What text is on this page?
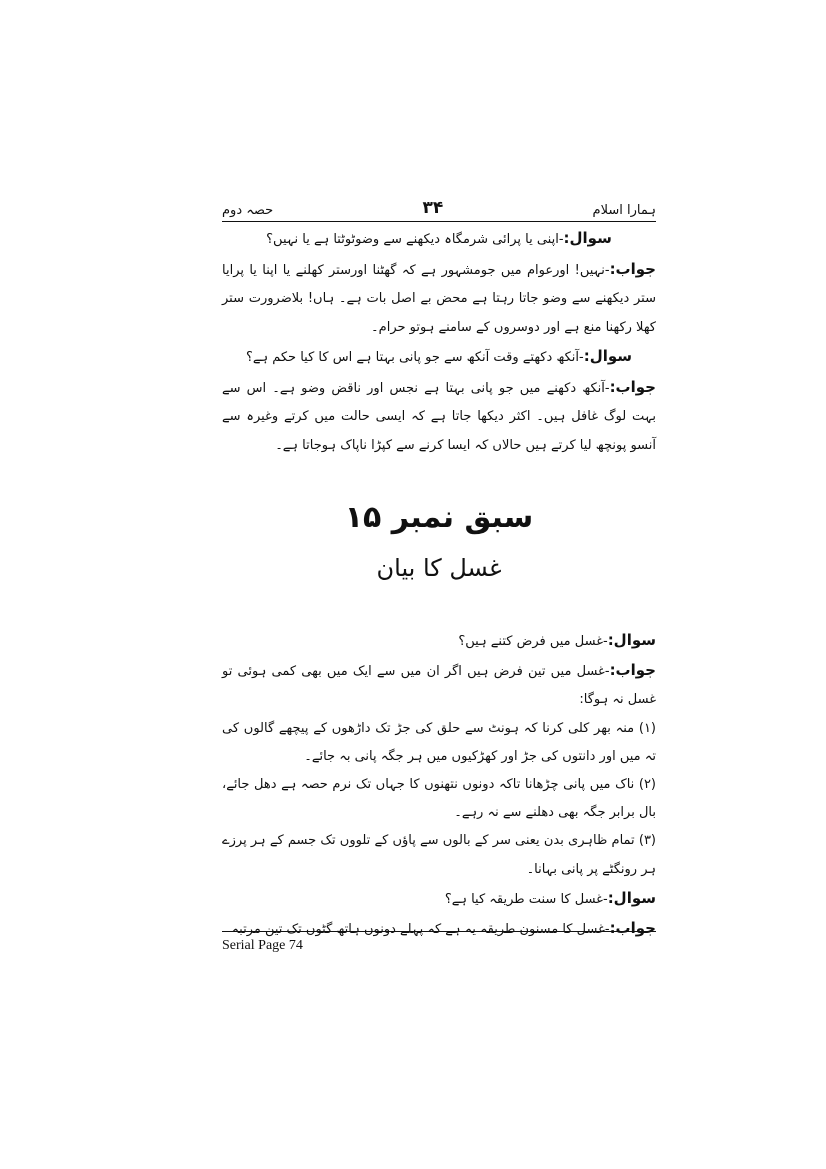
حصہ دوم	۳۴	ہمارا اسلام

سوال:-اپنی یا پرائی شرمگاہ دیکھنے سے وضوٹوٹتا ہے یا نہیں؟

جواب:-نہیں! اورعوام میں جومشہور ہے کہ گھٹنا اورستر کھلنے یا اپنا یا پرایا ستر دیکھنے سے وضو جاتا رہتا ہے محض بے اصل بات ہے۔ ہاں! بلاضرورت ستر کھلا رکھنا منع ہے اور دوسروں کے سامنے ہوتو حرام۔

سوال:-آنکھ دکھتے وقت آنکھ سے جو پانی بہتا ہے اس کا کیا حکم ہے؟

جواب:-آنکھ دکھنے میں جو پانی بہتا ہے نجس اور ناقض وضو ہے۔ اس سے بہت لوگ غافل ہیں۔ اکثر دیکھا جاتا ہے کہ ایسی حالت میں کرتے وغیرہ سے آنسو پونچھ لیا کرتے ہیں حالاں کہ ایسا کرنے سے کپڑا ناپاک ہوجاتا ہے۔

سبق نمبر ۱۵
غسل کا بیان

سوال:-غسل میں فرض کتنے ہیں؟

جواب:-غسل میں تین فرض ہیں اگر ان میں سے ایک میں بھی کمی ہوئی تو غسل نہ ہوگا:

(۱) منہ بھر کلی کرنا کہ ہونٹ سے حلق کی جڑ تک داڑھوں کے پیچھے گالوں کی تہ میں اور دانتوں کی جڑ اور کھڑکیوں میں ہر جگہ پانی بہ جائے۔

(۲) ناک میں پانی چڑھانا تاکہ دونوں نتھنوں کا جہاں تک نرم حصہ ہے دھل جائے، بال برابر جگہ بھی دھلنے سے نہ رہے۔

(۳) تمام ظاہری بدن یعنی سر کے بالوں سے پاؤں کے تلووں تک جسم کے ہر پرزے ہر رونگٹے پر پانی بہانا۔

سوال:-غسل کا سنت طریقہ کیا ہے؟

جواب:-غسل کا مسنون طریقہ یہ ہے کہ پہلے دونوں ہاتھ گٹوں تک تین مرتبہ

Serial Page 74
